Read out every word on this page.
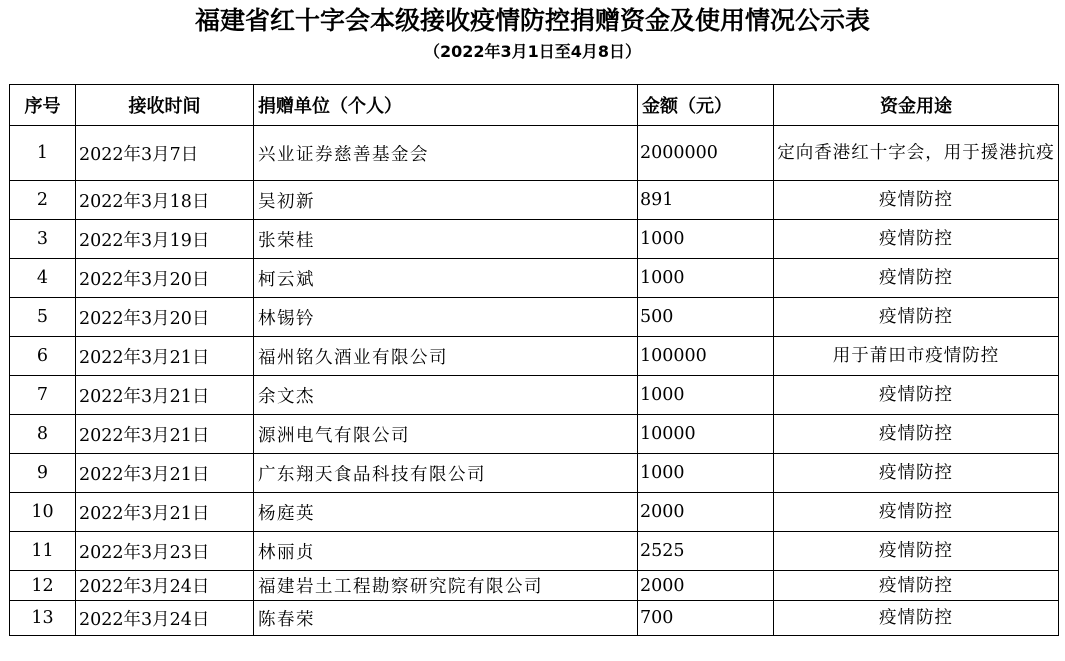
福建省红十字会本级接收疫情防控捐赠资金及使用情况公示表
（2022年3月1日至4月8日）
序号	接收时间	捐赠单位（个人）	金额（元）	资金用途
1	2022年3月7日	兴业证券慈善基金会	2000000	定向香港红十字会，用于援港抗疫
2	2022年3月18日	吴初新	891	疫情防控
3	2022年3月19日	张荣桂	1000	疫情防控
4	2022年3月20日	柯云斌	1000	疫情防控
5	2022年3月20日	林锡钤	500	疫情防控
6	2022年3月21日	福州铭久酒业有限公司	100000	用于莆田市疫情防控
7	2022年3月21日	余文杰	1000	疫情防控
8	2022年3月21日	源洲电气有限公司	10000	疫情防控
9	2022年3月21日	广东翔天食品科技有限公司	1000	疫情防控
10	2022年3月21日	杨庭英	2000	疫情防控
11	2022年3月23日	林丽贞	2525	疫情防控
12	2022年3月24日	福建岩土工程勘察研究院有限公司	2000	疫情防控
13	2022年3月24日	陈春荣	700	疫情防控
